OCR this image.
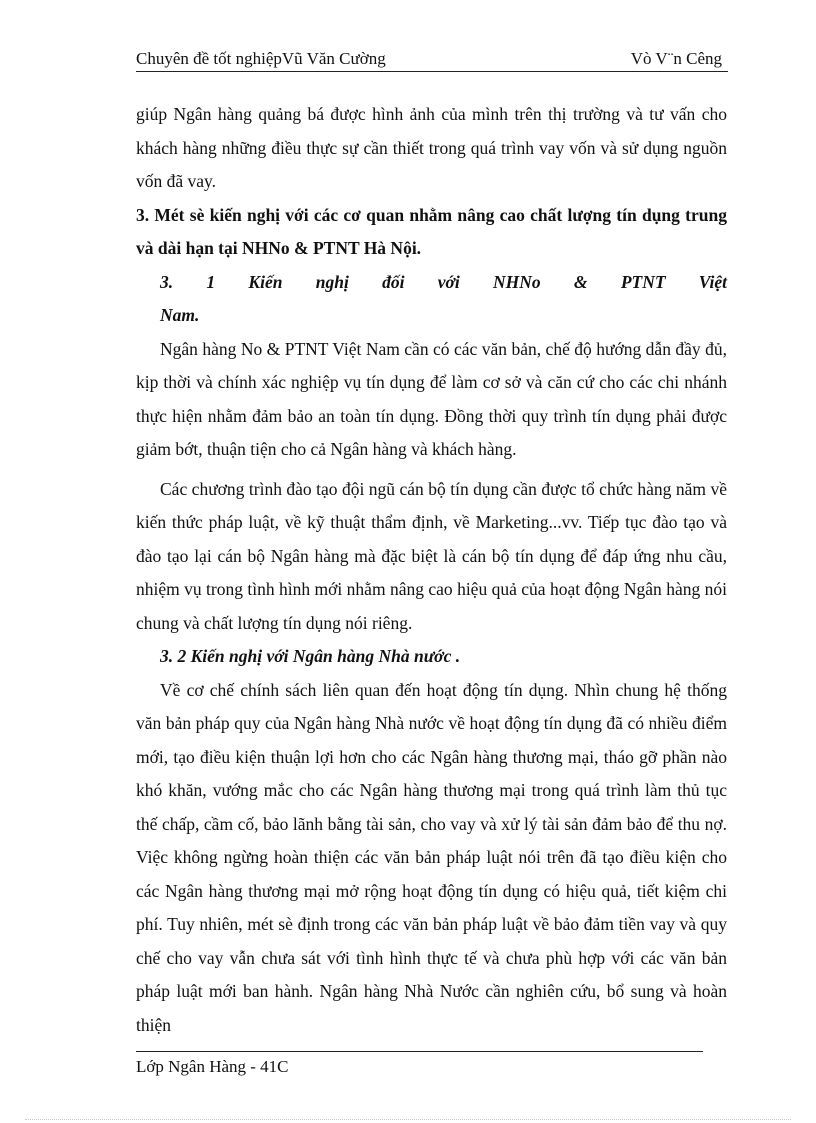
Chuyên đề tốt nghiệpVũ Văn Cường	Vò V¨n Cêng

giúp Ngân hàng quảng bá được hình ảnh của mình trên thị trường và tư vấn cho khách hàng những điều thực sự cần thiết trong quá trình vay vốn và sử dụng nguồn vốn đã vay.

3. Mét sè kiến nghị với các cơ quan nhằm nâng cao chất lượng tín dụng trung và dài hạn tại NHNo & PTNT Hà Nội.

3. 1 Kiến nghị đối với NHNo & PTNT Việt Nam.

Ngân hàng No & PTNT Việt Nam cần có các văn bản, chế độ hướng dẫn đầy đủ, kịp thời và chính xác nghiệp vụ tín dụng để làm cơ sở và căn cứ cho các chi nhánh thực hiện nhằm đảm bảo an toàn tín dụng. Đồng thời quy trình tín dụng phải được giảm bớt, thuận tiện cho cả Ngân hàng và khách hàng.

Các chương trình đào tạo đội ngũ cán bộ tín dụng cần được tổ chức hàng năm về kiến thức pháp luật, về kỹ thuật thẩm định, về Marketing...vv. Tiếp tục đào tạo và đào tạo lại cán bộ Ngân hàng mà đặc biệt là cán bộ tín dụng để đáp ứng nhu cầu, nhiệm vụ trong tình hình mới nhằm nâng cao hiệu quả của hoạt động Ngân hàng nói chung và chất lượng tín dụng nói riêng.

3. 2 Kiến nghị với Ngân hàng Nhà nước .

Về cơ chế chính sách liên quan đến hoạt động tín dụng. Nhìn chung hệ thống văn bản pháp quy của Ngân hàng Nhà nước về hoạt động tín dụng đã có nhiều điểm mới, tạo điều kiện thuận lợi hơn cho các Ngân hàng thương mại, tháo gỡ phần nào khó khăn, vướng mắc cho các Ngân hàng thương mại trong quá trình làm thủ tục thế chấp, cầm cố, bảo lãnh bằng tài sản, cho vay và xử lý tài sản đảm bảo để thu nợ. Việc không ngừng hoàn thiện các văn bản pháp luật nói trên đã tạo điều kiện cho các Ngân hàng thương mại mở rộng hoạt động tín dụng có hiệu quả, tiết kiệm chi phí. Tuy nhiên, mét sè định trong các văn bản pháp luật về bảo đảm tiền vay và quy chế cho vay vẫn chưa sát với tình hình thực tế và chưa phù hợp với các văn bản pháp luật mới ban hành. Ngân hàng Nhà Nước cần nghiên cứu, bổ sung và hoàn thiện

Lớp Ngân Hàng - 41C
